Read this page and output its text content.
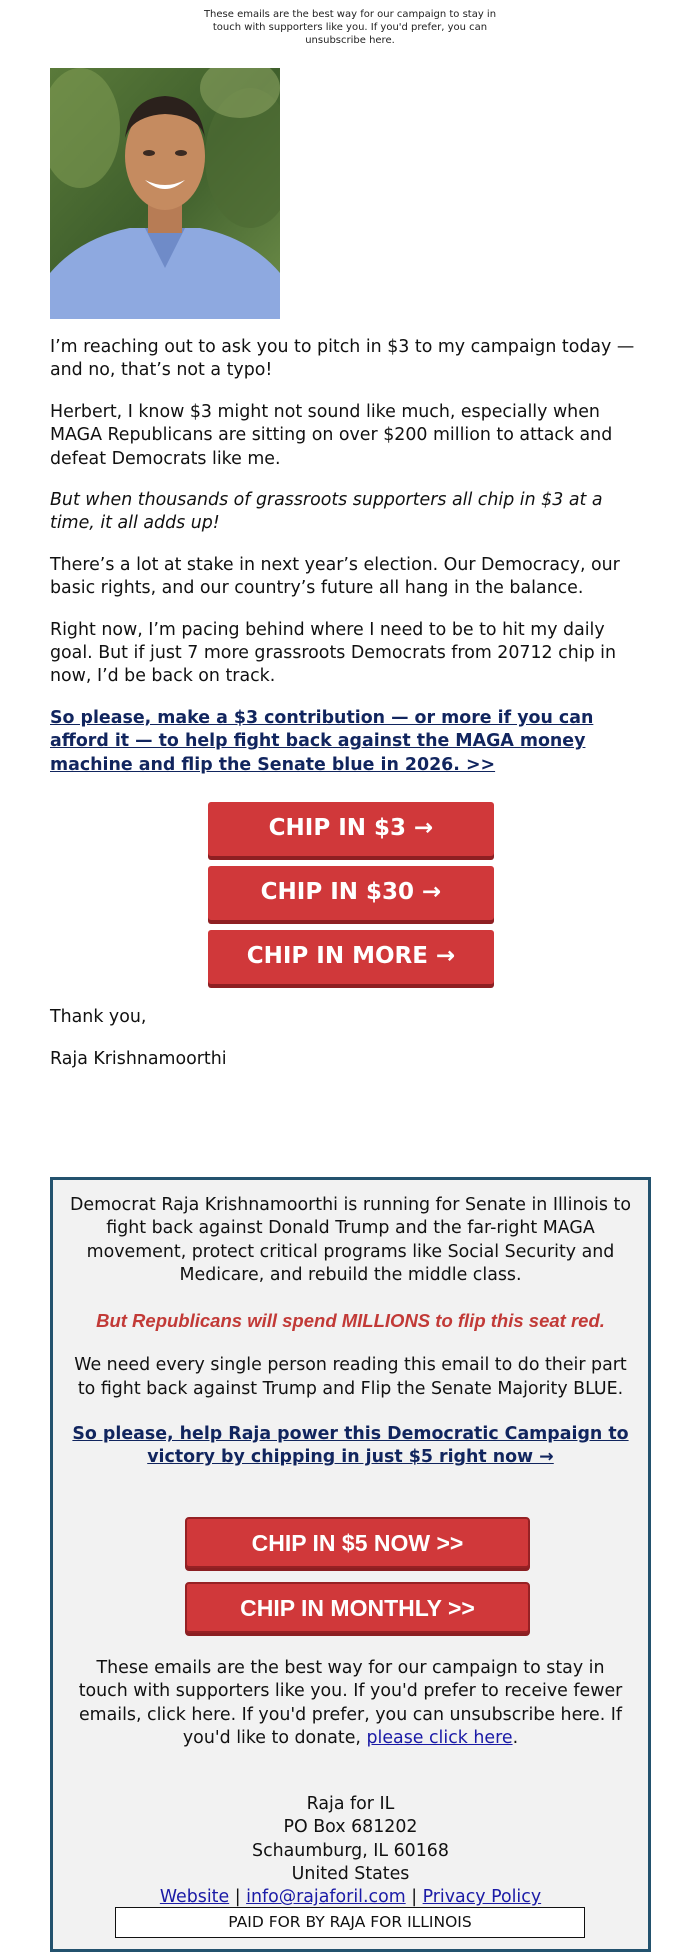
These emails are the best way for our campaign to stay in touch with supporters like you. If you'd prefer, you can
unsubscribe here.

I’m reaching out to ask you to pitch in $3 to my campaign today — and no, that’s not a typo!

Herbert, I know $3 might not sound like much, especially when MAGA Republicans are sitting on over $200 million to attack and defeat Democrats like me.

But when thousands of grassroots supporters all chip in $3 at a time, it all adds up!

There’s a lot at stake in next year’s election. Our Democracy, our basic rights, and our country’s future all hang in the balance.

Right now, I’m pacing behind where I need to be to hit my daily goal. But if just 7 more grassroots Democrats from 20712 chip in now, I’d be back on track.

So please, make a $3 contribution — or more if you can afford it — to help fight back against the MAGA money machine and flip the Senate blue in 2026. >>
CHIP IN $3 →
CHIP IN $30 →
CHIP IN MORE →
Thank you,
Raja Krishnamoorthi

Democrat Raja Krishnamoorthi is running for Senate in Illinois to fight back against Donald Trump and the far-right MAGA movement, protect critical programs like Social Security and Medicare, and rebuild the middle class.

But Republicans will spend MILLIONS to flip this seat red.

We need every single person reading this email to do their part to fight back against Trump and Flip the Senate Majority BLUE.

So please, help Raja power this Democratic Campaign to victory by chipping in just $5 right now →
CHIP IN $5 NOW >>
CHIP IN MONTHLY >>
These emails are the best way for our campaign to stay in touch with supporters like you. If you'd prefer to receive fewer emails, click here. If you'd prefer, you can unsubscribe here. If you'd like to donate, please click here.
Raja for IL
PO Box 681202
Schaumburg, IL 60168
United States
Website | info@rajaforil.com | Privacy Policy
PAID FOR BY RAJA FOR ILLINOIS
